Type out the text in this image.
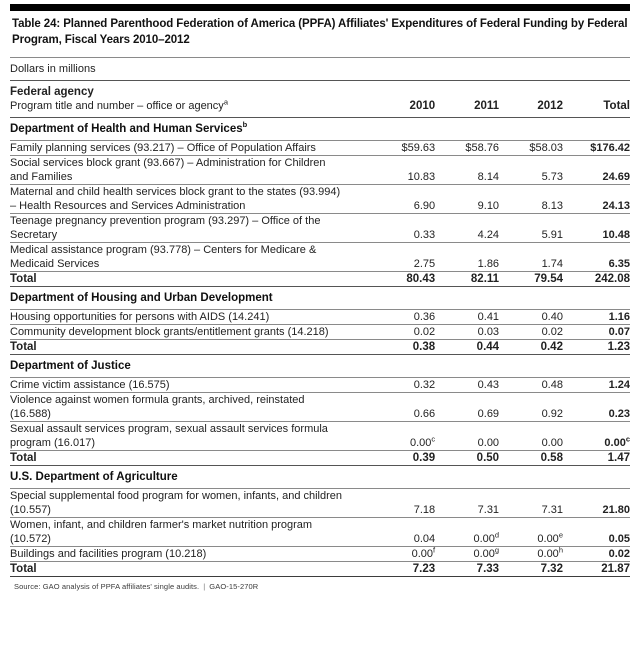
Table 24: Planned Parenthood Federation of America (PPFA) Affiliates' Expenditures of Federal Funding by Federal Program, Fiscal Years 2010–2012
Dollars in millions				

Federal agency
Program title and number – office or agency$^a$	2010	2011	2012	Total
Department of Health and Human Services$^b$

Family planning services (93.217) – Office of Population Affairs	$59.63	$58.76	$58.03	$176.42

Social services block grant (93.667) – Administration for Children
and Families	10.83	8.14	5.73	24.69

Maternal and child health services block grant to the states (93.994)
– Health Resources and Services Administration	6.90	9.10	8.13	24.13

Teenage pregnancy prevention program (93.297) – Office of the
Secretary	0.33	4.24	5.91	10.48

Medical assistance program (93.778) – Centers for Medicare &
Medicaid Services	2.75	1.86	1.74	6.35
Total	80.43	82.11	79.54	242.08
Department of Housing and Urban Development				

Housing opportunities for persons with AIDS (14.241)	0.36	0.41	0.40	1.16

Community development block grants/entitlement grants (14.218)	0.02	0.03	0.02	0.07
Total	0.38	0.44	0.42	1.23
Department of Justice				

Crime victim assistance (16.575)	0.32	0.43	0.48	1.24

Violence against women formula grants, archived, reinstated
(16.588)	0.66	0.69	0.92	0.23

Sexual assault services program, sexual assault services formula
program (16.017)	0.00$^c$	0.00	0.00	0.00$^c$
Total	0.39	0.50	0.58	1.47
U.S. Department of Agriculture				

Special supplemental food program for women, infants, and children
(10.557)	7.18	7.31	7.31	21.80

Women, infant, and children farmer's market nutrition program
(10.572)	0.04	0.00$^d$	0.00e	0.05

Buildings and facilities program (10.218)	0.00$^f$	0.00$^g$	0.00$^h$	0.02
Total	7.23	7.33	7.32	21.87
Source: GAO analysis of PPFA affiliates' single audits. | GAO-15-270R
